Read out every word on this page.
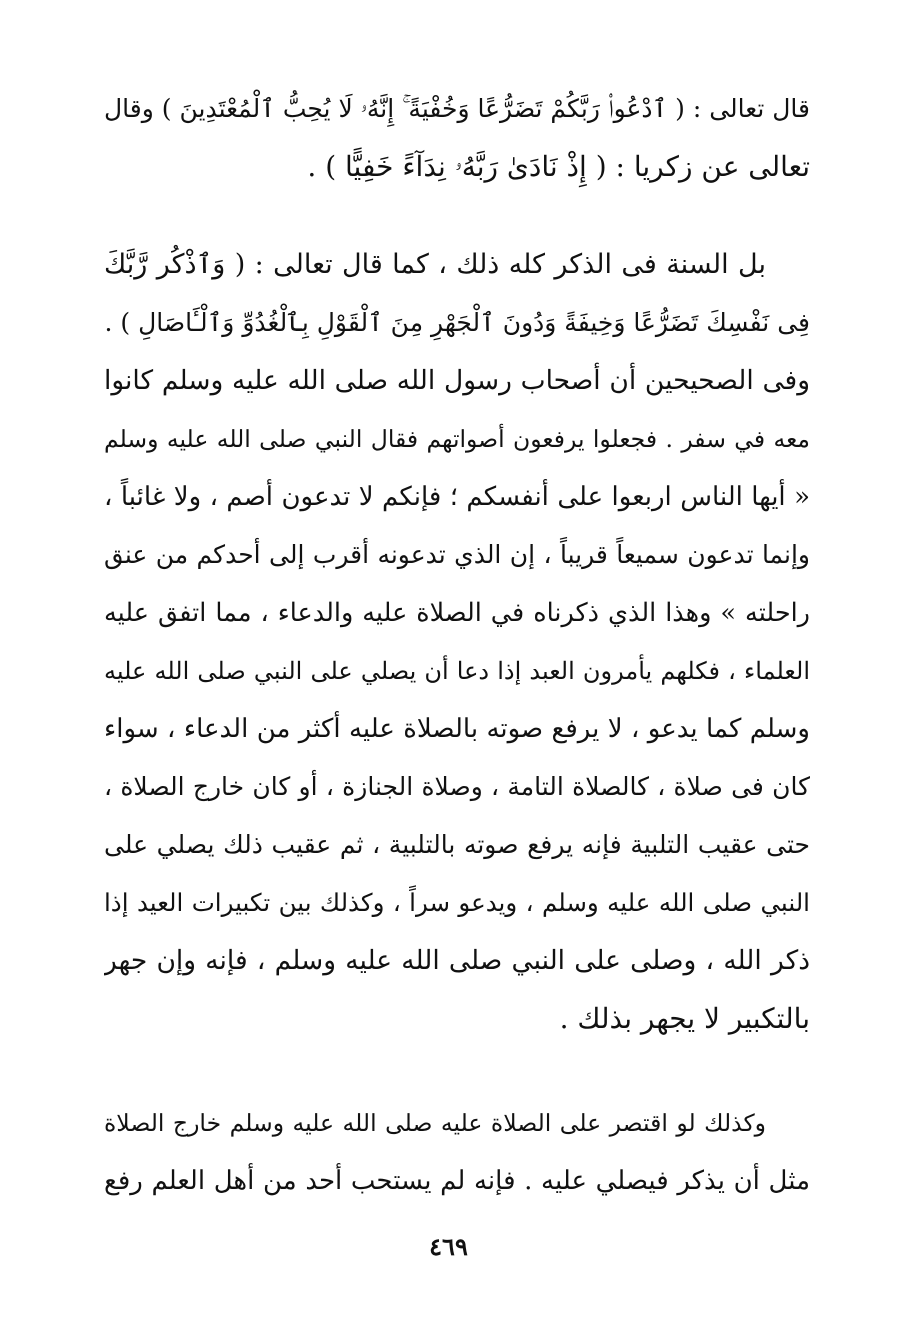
قال تعالى : ( ٱدْعُوا۟ رَبَّكُمْ تَضَرُّعًا وَخُفْيَةً ۚ إِنَّهُۥ لَا يُحِبُّ ٱلْمُعْتَدِينَ ) وقال
تعالى عن زكريا : ( إِذْ نَادَىٰ رَبَّهُۥ نِدَآءً خَفِيًّا ) .
بل السنة فى الذكر كله ذلك ، كما قال تعالى : ( وَٱذْكُر رَّبَّكَ
فِى نَفْسِكَ تَضَرُّعًا وَخِيفَةً وَدُونَ ٱلْجَهْرِ مِنَ ٱلْقَوْلِ بِٱلْغُدُوِّ وَٱلْـَٔاصَالِ ) .
وفى الصحيحين أن أصحاب رسول الله صلى الله عليه وسلم كانوا
معه في سفر . فجعلوا يرفعون أصواتهم فقال النبي صلى الله عليه وسلم
« أيها الناس اربعوا على أنفسكم ؛ فإنكم لا تدعون أصم ، ولا غائباً ،
وإنما تدعون سميعاً قريباً ، إن الذي تدعونه أقرب إلى أحدكم من عنق
راحلته » وهذا الذي ذكرناه في الصلاة عليه والدعاء ، مما اتفق عليه
العلماء ، فكلهم يأمرون العبد إذا دعا أن يصلي على النبي صلى الله عليه
وسلم كما يدعو ، لا يرفع صوته بالصلاة عليه أكثر من الدعاء ، سواء
كان فى صلاة ، كالصلاة التامة ، وصلاة الجنازة ، أو كان خارج الصلاة ،
حتى عقيب التلبية فإنه يرفع صوته بالتلبية ، ثم عقيب ذلك يصلي على
النبي صلى الله عليه وسلم ، ويدعو سراً ، وكذلك بين تكبيرات العيد إذا
ذكر الله ، وصلى على النبي صلى الله عليه وسلم ، فإنه وإن جهر
بالتكبير لا يجهر بذلك .
وكذلك لو اقتصر على الصلاة عليه صلى الله عليه وسلم خارج الصلاة
مثل أن يذكر فيصلي عليه . فإنه لم يستحب أحد من أهل العلم رفع
٤٦٩
